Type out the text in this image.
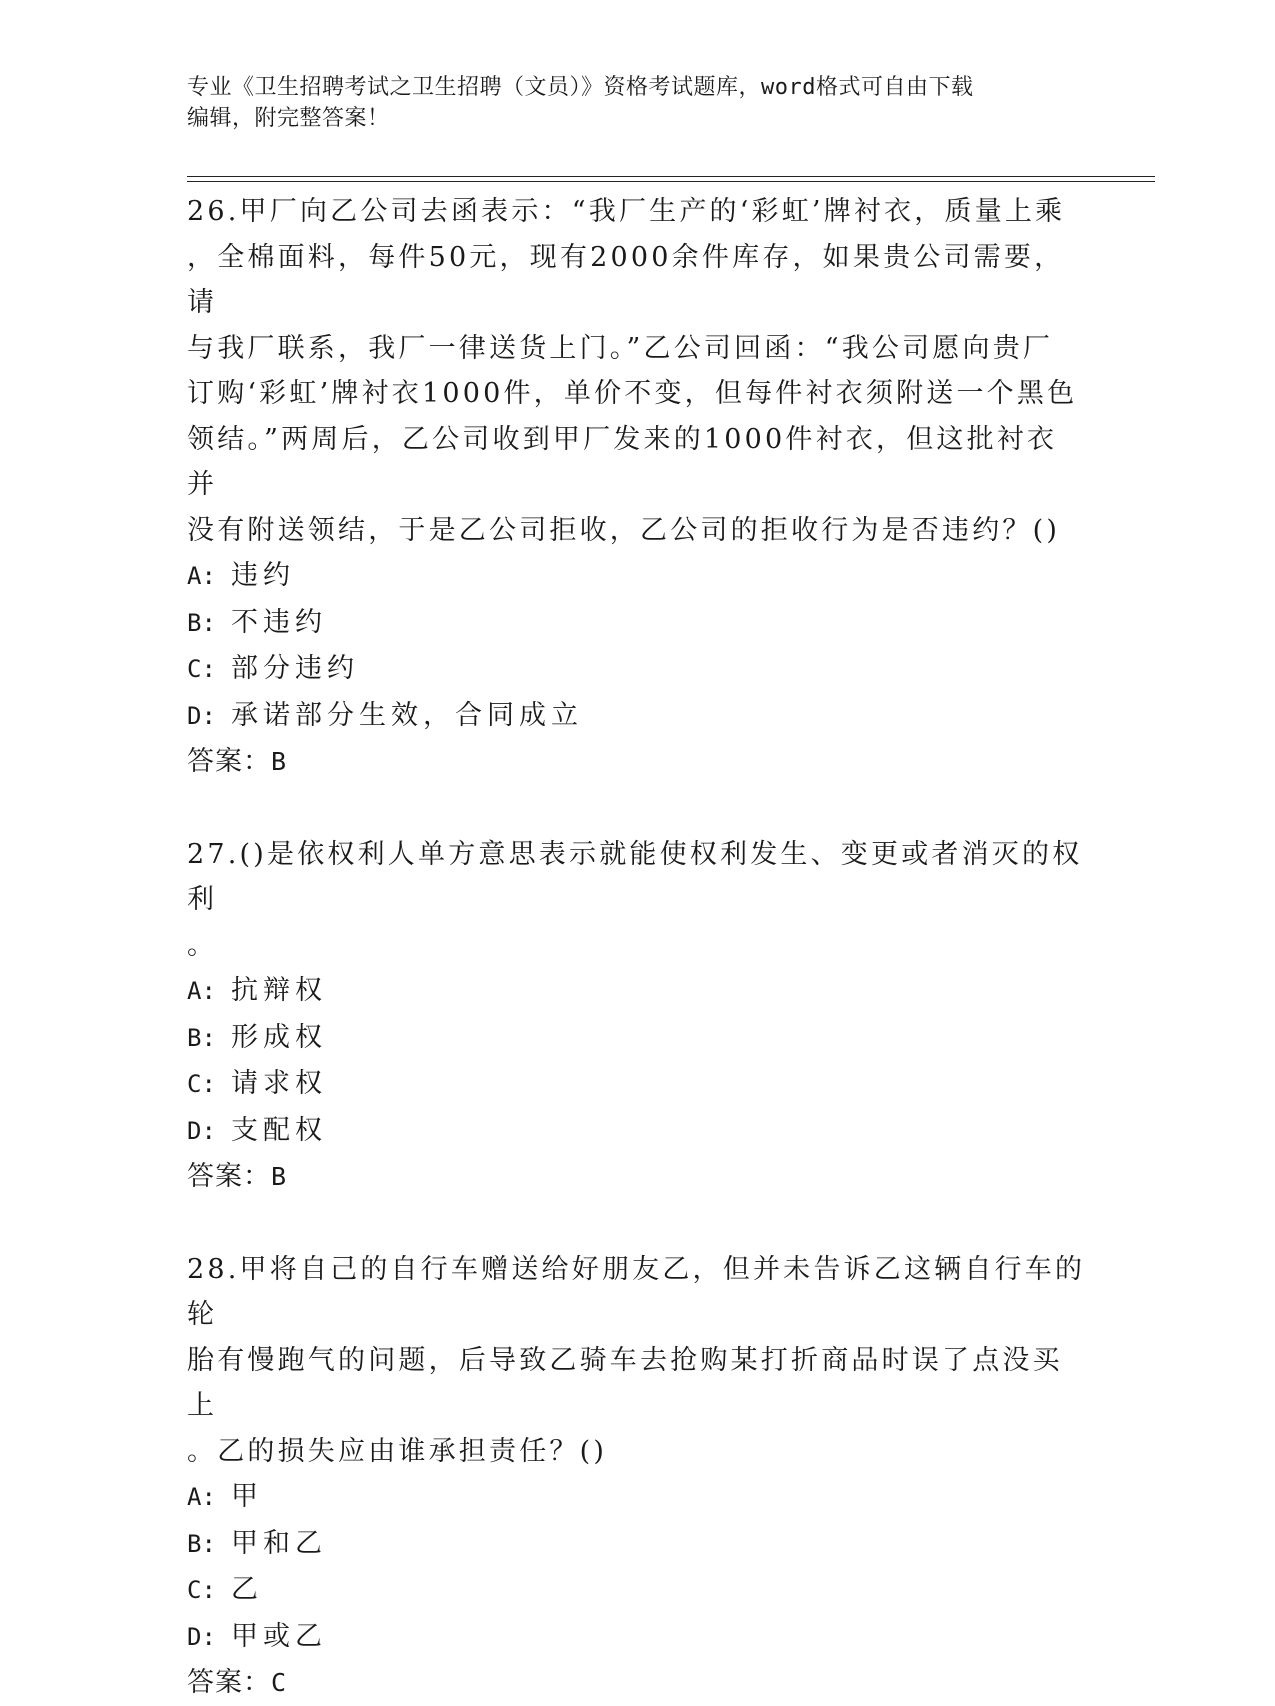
专业《卫生招聘考试之卫生招聘（文员）》资格考试题库，word格式可自由下载
编辑，附完整答案！

26.甲厂向乙公司去函表示：“我厂生产的‘彩虹’牌衬衣，质量上乘

，全棉面料，每件50元，现有2000余件库存，如果贵公司需要，请

与我厂联系，我厂一律送货上门。”乙公司回函：“我公司愿向贵厂

订购‘彩虹’牌衬衣1000件，单价不变，但每件衬衣须附送一个黑色

领结。”两周后，乙公司收到甲厂发来的1000件衬衣，但这批衬衣并

没有附送领结，于是乙公司拒收，乙公司的拒收行为是否违约？()

A: 违约

B: 不违约

C: 部分违约

D: 承诺部分生效，合同成立

答案：B

27.()是依权利人单方意思表示就能使权利发生、变更或者消灭的权利

。

A: 抗辩权

B: 形成权

C: 请求权

D: 支配权

答案：B

28.甲将自己的自行车赠送给好朋友乙，但并未告诉乙这辆自行车的轮

胎有慢跑气的问题，后导致乙骑车去抢购某打折商品时误了点没买上

。乙的损失应由谁承担责任？()

A: 甲

B: 甲和乙

C: 乙

D: 甲或乙

答案：C
